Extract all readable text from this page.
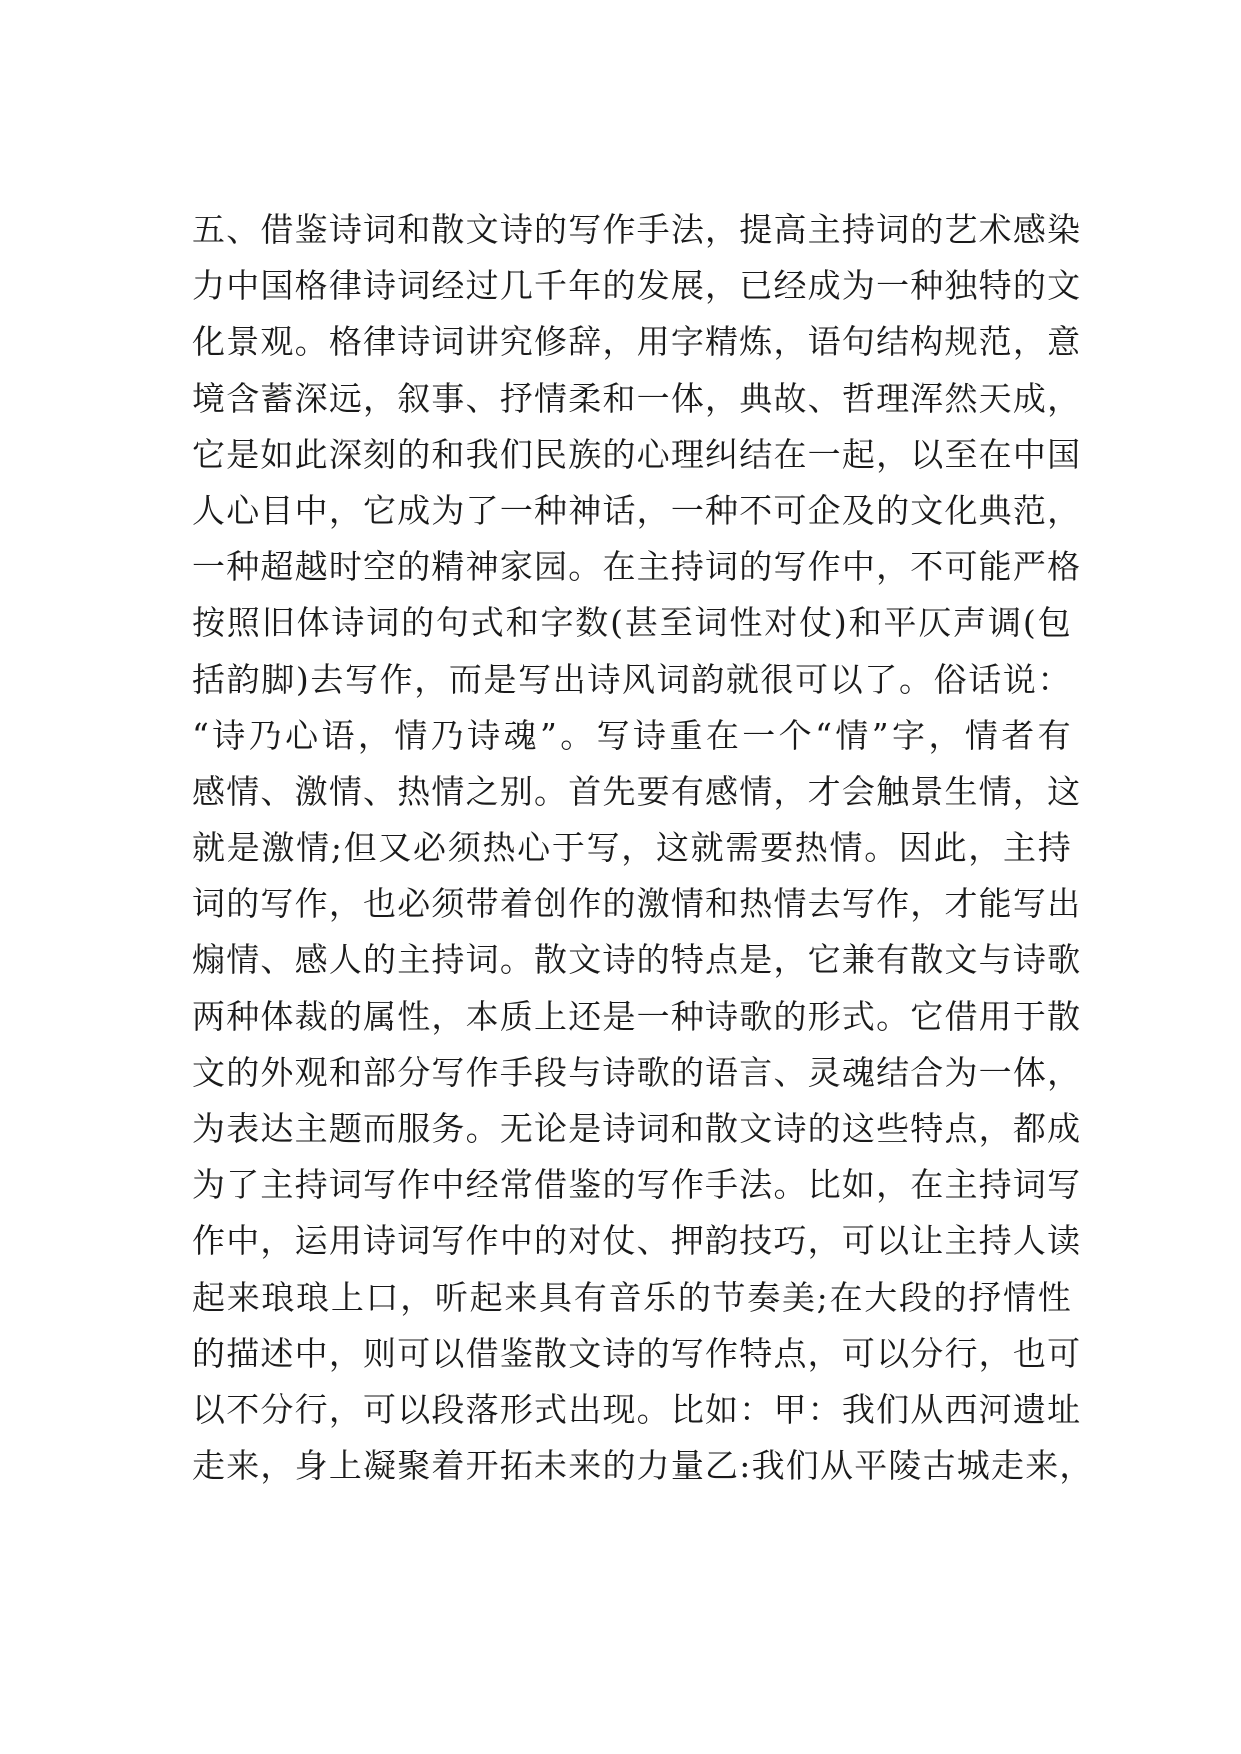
五 、 借 鉴 诗 词 和 散 文 诗 的 写 作 手 法 ， 提 高 主 持 词 的 艺 术 感 染
力 中 国 格 律 诗 词 经 过 几 千 年 的 发 展 ， 已 经 成 为 一 种 独 特 的 文
化 景 观 。 格 律 诗 词 讲 究 修 辞 ， 用 字 精 炼 ， 语 句 结 构 规 范 ， 意
境 含 蓄 深 远 ， 叙 事 、 抒 情 柔 和 一 体 ， 典 故 、 哲 理 浑 然 天 成 ，
它 是 如 此 深 刻 的 和 我 们 民 族 的 心 理 纠 结 在 一 起 ， 以 至 在 中 国
人 心 目 中 ， 它 成 为 了 一 种 神 话 ， 一 种 不 可 企 及 的 文 化 典 范 ，
一 种 超 越 时 空 的 精 神 家 园 。 在 主 持 词 的 写 作 中 ， 不 可 能 严 格
按 照 旧 体 诗 词 的 句 式 和 字 数 ( 甚 至 词 性 对 仗 ) 和 平 仄 声 调 ( 包
括 韵 脚 ) 去 写 作 ， 而 是 写 出 诗 风 词 韵 就 很 可 以 了 。 俗 话 说 ：
“ 诗 乃 心 语 ， 情 乃 诗 魂 ” 。 写 诗 重 在 一 个 “ 情 ” 字 ， 情 者 有
感 情 、 激 情 、 热 情 之 别 。 首 先 要 有 感 情 ， 才 会 触 景 生 情 ， 这
就 是 激 情 ; 但 又 必 须 热 心 于 写 ， 这 就 需 要 热 情 。 因 此 ， 主 持
词 的 写 作 ， 也 必 须 带 着 创 作 的 激 情 和 热 情 去 写 作 ， 才 能 写 出
煽 情 、 感 人 的 主 持 词 。 散 文 诗 的 特 点 是 ， 它 兼 有 散 文 与 诗 歌
两 种 体 裁 的 属 性 ， 本 质 上 还 是 一 种 诗 歌 的 形 式 。 它 借 用 于 散
文 的 外 观 和 部 分 写 作 手 段 与 诗 歌 的 语 言 、 灵 魂 结 合 为 一 体 ，
为 表 达 主 题 而 服 务 。 无 论 是 诗 词 和 散 文 诗 的 这 些 特 点 ， 都 成
为 了 主 持 词 写 作 中 经 常 借 鉴 的 写 作 手 法 。 比 如 ， 在 主 持 词 写
作 中 ， 运 用 诗 词 写 作 中 的 对 仗 、 押 韵 技 巧 ， 可 以 让 主 持 人 读
起 来 琅 琅 上 口 ， 听 起 来 具 有 音 乐 的 节 奏 美 ; 在 大 段 的 抒 情 性
的 描 述 中 ， 则 可 以 借 鉴 散 文 诗 的 写 作 特 点 ， 可 以 分 行 ， 也 可
以 不 分 行 ， 可 以 段 落 形 式 出 现 。 比 如 ： 甲 ： 我 们 从 西 河 遗 址
走 来 ， 身 上 凝 聚 着 开 拓 未 来 的 力 量 乙 : 我 们 从 平 陵 古 城 走 来 ，
